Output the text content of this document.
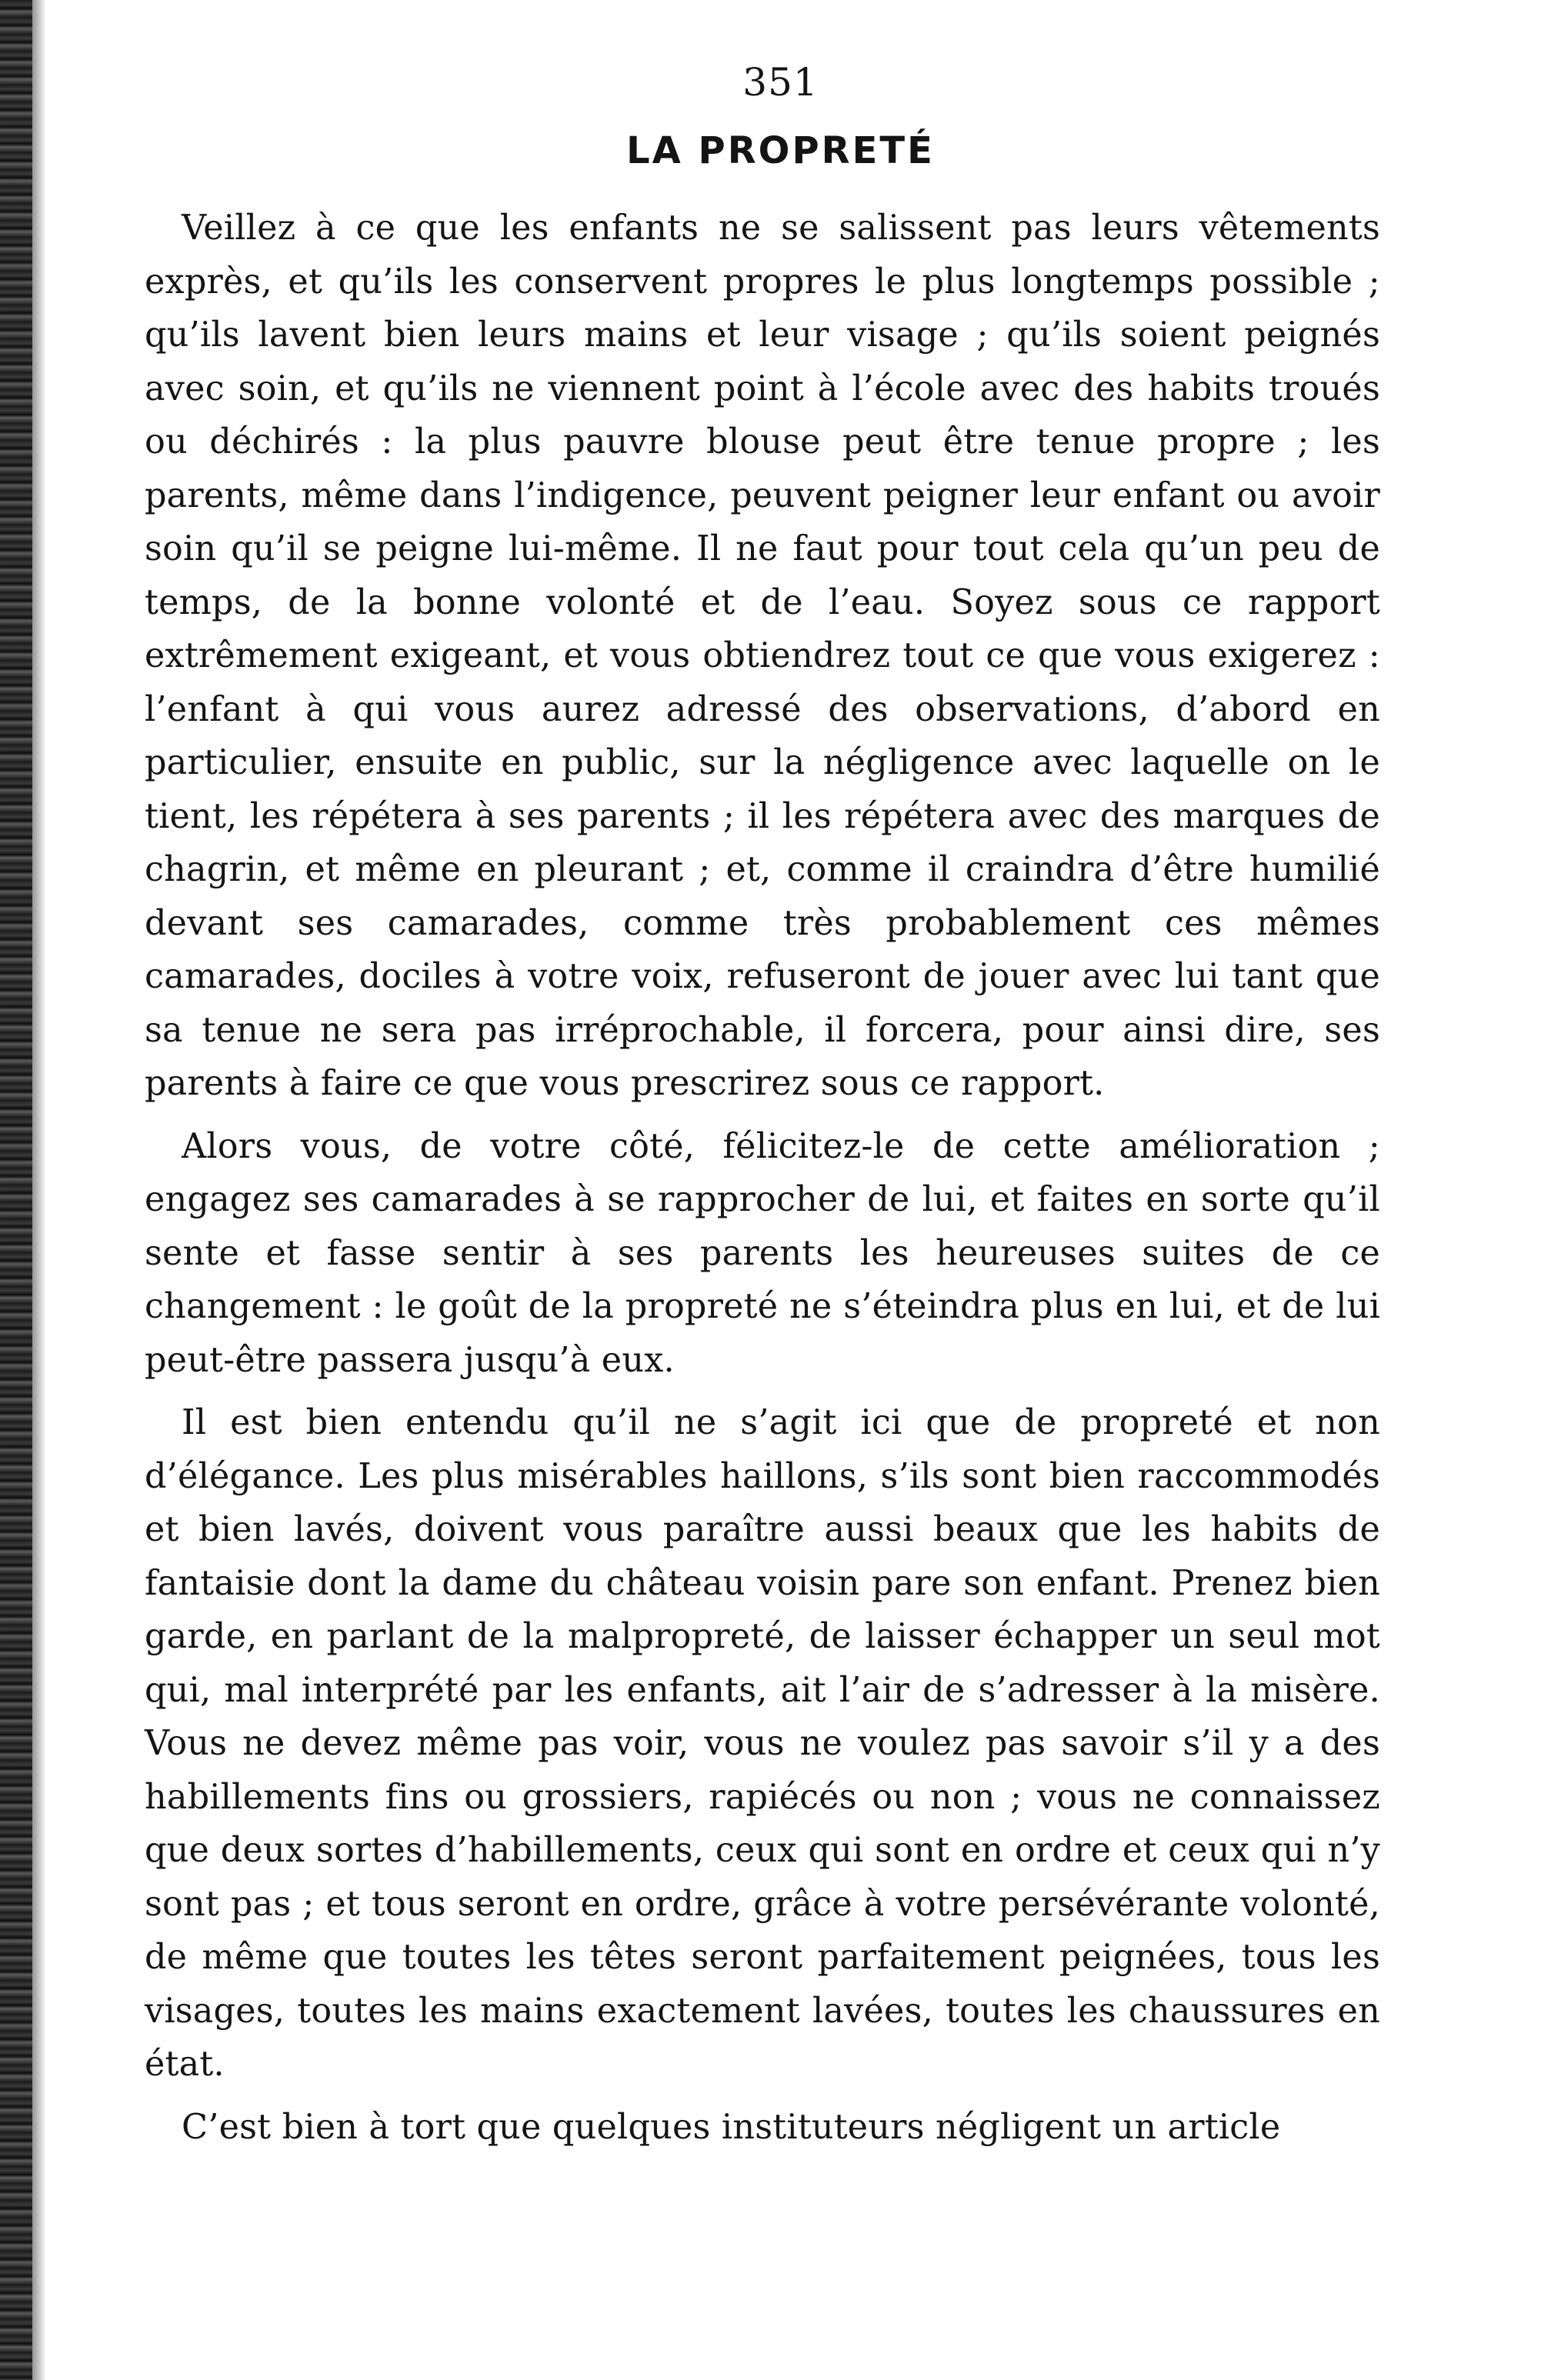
351
LA PROPRETÉ

Veillez à ce que les enfants ne se salissent pas leurs vêtements exprès, et qu’ils les conservent propres le plus longtemps possible ; qu’ils lavent bien leurs mains et leur visage ; qu’ils soient peignés avec soin, et qu’ils ne viennent point à l’école avec des habits troués ou déchirés : la plus pauvre blouse peut être tenue propre ; les parents, même dans l’indigence, peuvent peigner leur enfant ou avoir soin qu’il se peigne lui-même. Il ne faut pour tout cela qu’un peu de temps, de la bonne volonté et de l’eau. Soyez sous ce rapport extrêmement exigeant, et vous obtiendrez tout ce que vous exigerez : l’enfant à qui vous aurez adressé des observations, d’abord en particulier, ensuite en public, sur la négligence avec laquelle on le tient, les répétera à ses parents ; il les répétera avec des marques de chagrin, et même en pleurant ; et, comme il craindra d’être humilié devant ses camarades, comme très probablement ces mêmes camarades, dociles à votre voix, refuseront de jouer avec lui tant que sa tenue ne sera pas irréprochable, il forcera, pour ainsi dire, ses parents à faire ce que vous prescrirez sous ce rapport.

Alors vous, de votre côté, félicitez-le de cette amélioration ; engagez ses camarades à se rapprocher de lui, et faites en sorte qu’il sente et fasse sentir à ses parents les heureuses suites de ce changement : le goût de la propreté ne s’éteindra plus en lui, et de lui peut-être passera jusqu’à eux.

Il est bien entendu qu’il ne s’agit ici que de propreté et non d’élégance. Les plus misérables haillons, s’ils sont bien raccommodés et bien lavés, doivent vous paraître aussi beaux que les habits de fantaisie dont la dame du château voisin pare son enfant. Prenez bien garde, en parlant de la malpropreté, de laisser échapper un seul mot qui, mal interprété par les enfants, ait l’air de s’adresser à la misère. Vous ne devez même pas voir, vous ne voulez pas savoir s’il y a des habillements fins ou grossiers, rapiécés ou non ; vous ne connaissez que deux sortes d’habillements, ceux qui sont en ordre et ceux qui n’y sont pas ; et tous seront en ordre, grâce à votre persévérante volonté, de même que toutes les têtes seront parfaitement peignées, tous les visages, toutes les mains exactement lavées, toutes les chaussures en état.

C’est bien à tort que quelques instituteurs négligent un article
